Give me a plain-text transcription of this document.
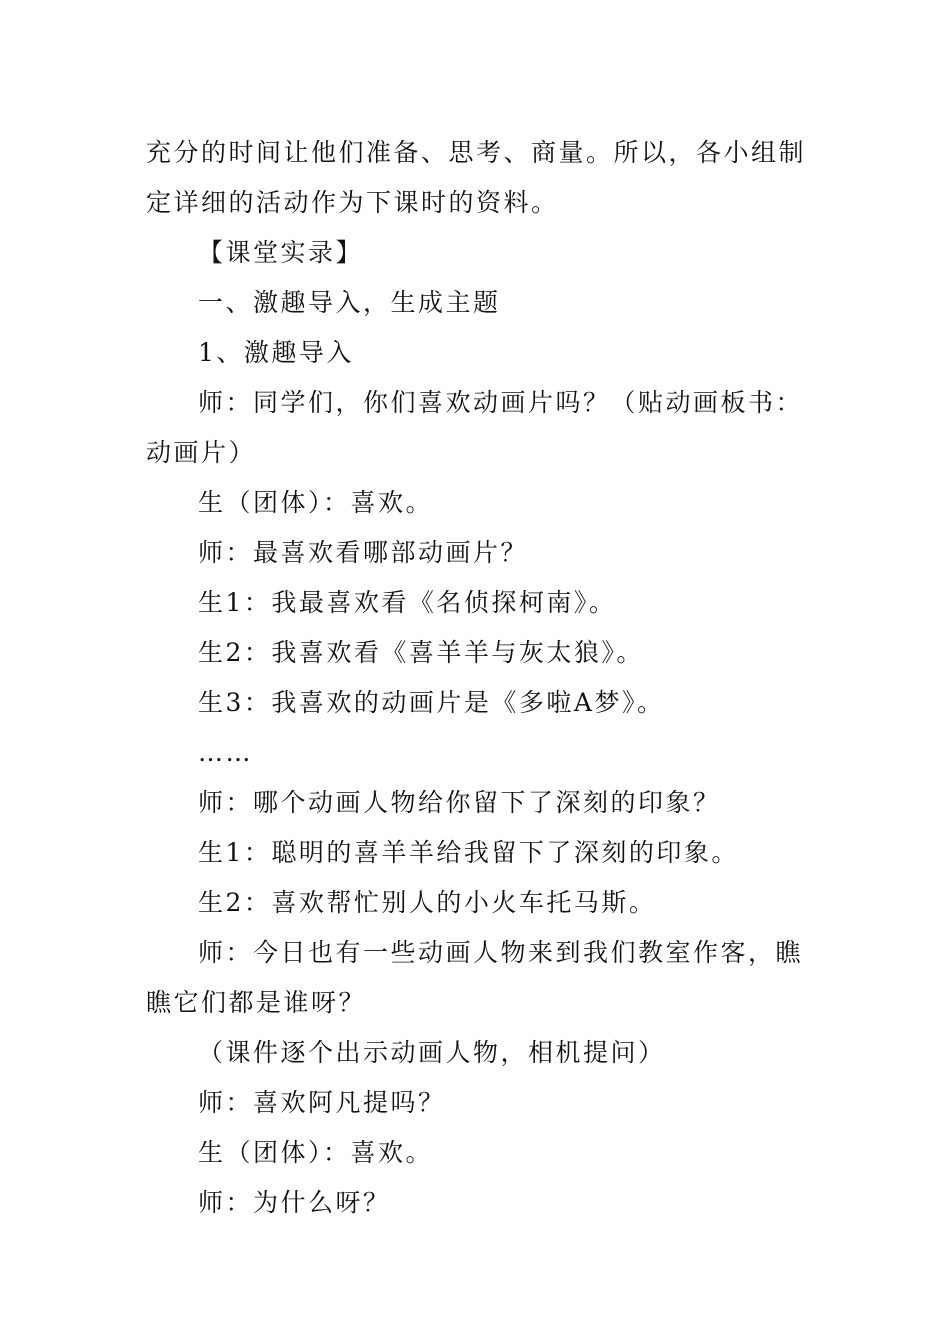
充分的时间让他们准备、思考、商量。所以，各小组制定详细的活动作为下课时的资料。

【课堂实录】

一、激趣导入，生成主题

1、激趣导入

师：同学们，你们喜欢动画片吗？（贴动画板书：动画片）

生（团体）：喜欢。

师：最喜欢看哪部动画片？

生1：我最喜欢看《名侦探柯南》。

生2：我喜欢看《喜羊羊与灰太狼》。

生3：我喜欢的动画片是《多啦A梦》。

……

师：哪个动画人物给你留下了深刻的印象？

生1：聪明的喜羊羊给我留下了深刻的印象。

生2：喜欢帮忙别人的小火车托马斯。

师：今日也有一些动画人物来到我们教室作客，瞧瞧它们都是谁呀？

（课件逐个出示动画人物，相机提问）

师：喜欢阿凡提吗？

生（团体）：喜欢。

师：为什么呀？
